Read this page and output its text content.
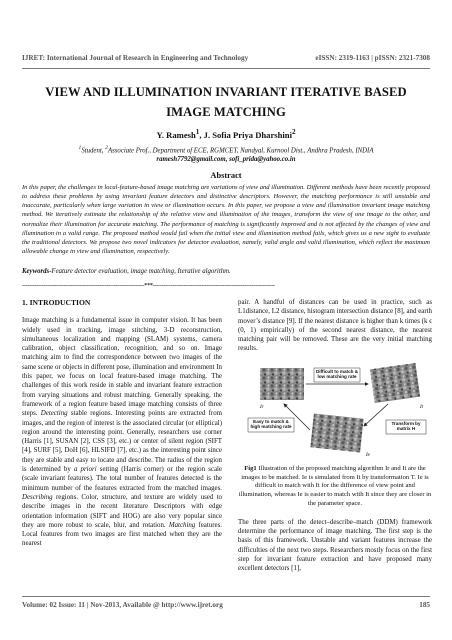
IJRET: International Journal of Research in Engineering and Technology	eISSN: 2319-1163 | pISSN: 2321-7308
VIEW AND ILLUMINATION INVARIANT ITERATIVE BASED IMAGE MATCHING
Y. Ramesh$^1$, J. Sofia Priya Dharshini$^2$
$^1$Student, $^2$Associate Prof., Department of ECE, RGMCET, Nandyal, Kurnool Dist., Andhra Pradesh, INDIA
ramesh7792@gmail.com, sofi_prida@yahoo.co.in
Abstract
In this paper, the challenges in local-feature-based image matching are variations of view and illumination. Different methods have been recently proposed to address these problems by using invariant feature detectors and distinctive descriptors. However, the matching performance is still unstable and inaccurate, particularly when large variation in view or illumination occurs. In this paper, we propose a view and illumination invariant image matching method. We iteratively estimate the relationship of the relative view and illumination of the images, transform the view of one image to the other, and normalize their illumination for accurate matching. The performance of matching is significantly improved and is not affected by the changes of view and illumination in a valid range. The proposed method would fail when the initial view and illumination method fails, which gives us a new sight to evaluate the traditional detectors. We propose two novel indicators for detector evaluation, namely, valid angle and valid illumination, which reflect the maximum allowable change in view and illumination, respectively.
Keywords-Feature detector evaluation, image matching, Iterative algorithm.
--------------------------------------------------------------------***--------------------------------------------------------------------
1. INTRODUCTION

Image matching is a fundamental issue in computer vision. It has been widely used in tracking, image stitching, 3-D reconstruction, simultaneous localization and mapping (SLAM) systems, camera calibration, object classification, recognition, and so on. Image matching aim to find the correspondence between two images of the same scene or objects in different pose, illumination and environment In this paper, we focus on local feature-based image matching. The challenges of this work reside in stable and invariant feature extraction from varying situations and robust matching. Generally speaking, the framework of a region feature based image matching consists of three steps. Detecting stable regions. Interesting points are extracted from images, and the region of interest is the associated circular (or elliptical) region around the interesting point. Generally, researchers use corner (Harris [1], SUSAN [2], CSS [3], etc.) or center of silent region (SIFT [4], SURF [5], DoH [6], HLSIFD [7], etc.) as the interesting point since they are stable and easy to locate and describe. The radius of the region is determined by a priori setting (Harris corner) or the region scale (scale invariant features). The total number of features detected is the minimum number of the features extracted from the matched images. Describing regions. Color, structure, and texture are widely used to describe images in the recent literature Descriptors with edge orientation information (SIFT and HOG) are also very popular since they are more robust to scale, blur, and rotation. Matching features. Local features from two images are first matched when they are the nearest

pair. A handful of distances can be used in practice, such as L1distance, L2 distance, histogram intersection distance [8], and earth mover’s distance [9]. If the nearest distance is higher than k times (k ϵ (0, 1) empirically) of the second nearest distance, the nearest matching pair will be removed. These are the very initial matching results.

Difficult to match & low matching rate
Easy to match & high matching rate
Transform by matrix H
Ir	It
Ie
Fig1 Illustration of the proposed matching algorithm Ir and It are the images to be matched. Ie is simulated from It by transformation T. Ie is difficult to match with It for the difference of view point and illumination, whereas Ie is easier to match with It since they are closer in the parameter space.

The three parts of the detect–describe–match (DDM) framework determine the performance of image matching. The first step is the basis of this framework. Unstable and variant features increase the difficulties of the next two steps. Researchers mostly focus on the first step for invariant feature extraction and have proposed many excellent detectors [1],

Volume: 02 Issue: 11 | Nov-2013, Available @ http://www.ijret.org	185
